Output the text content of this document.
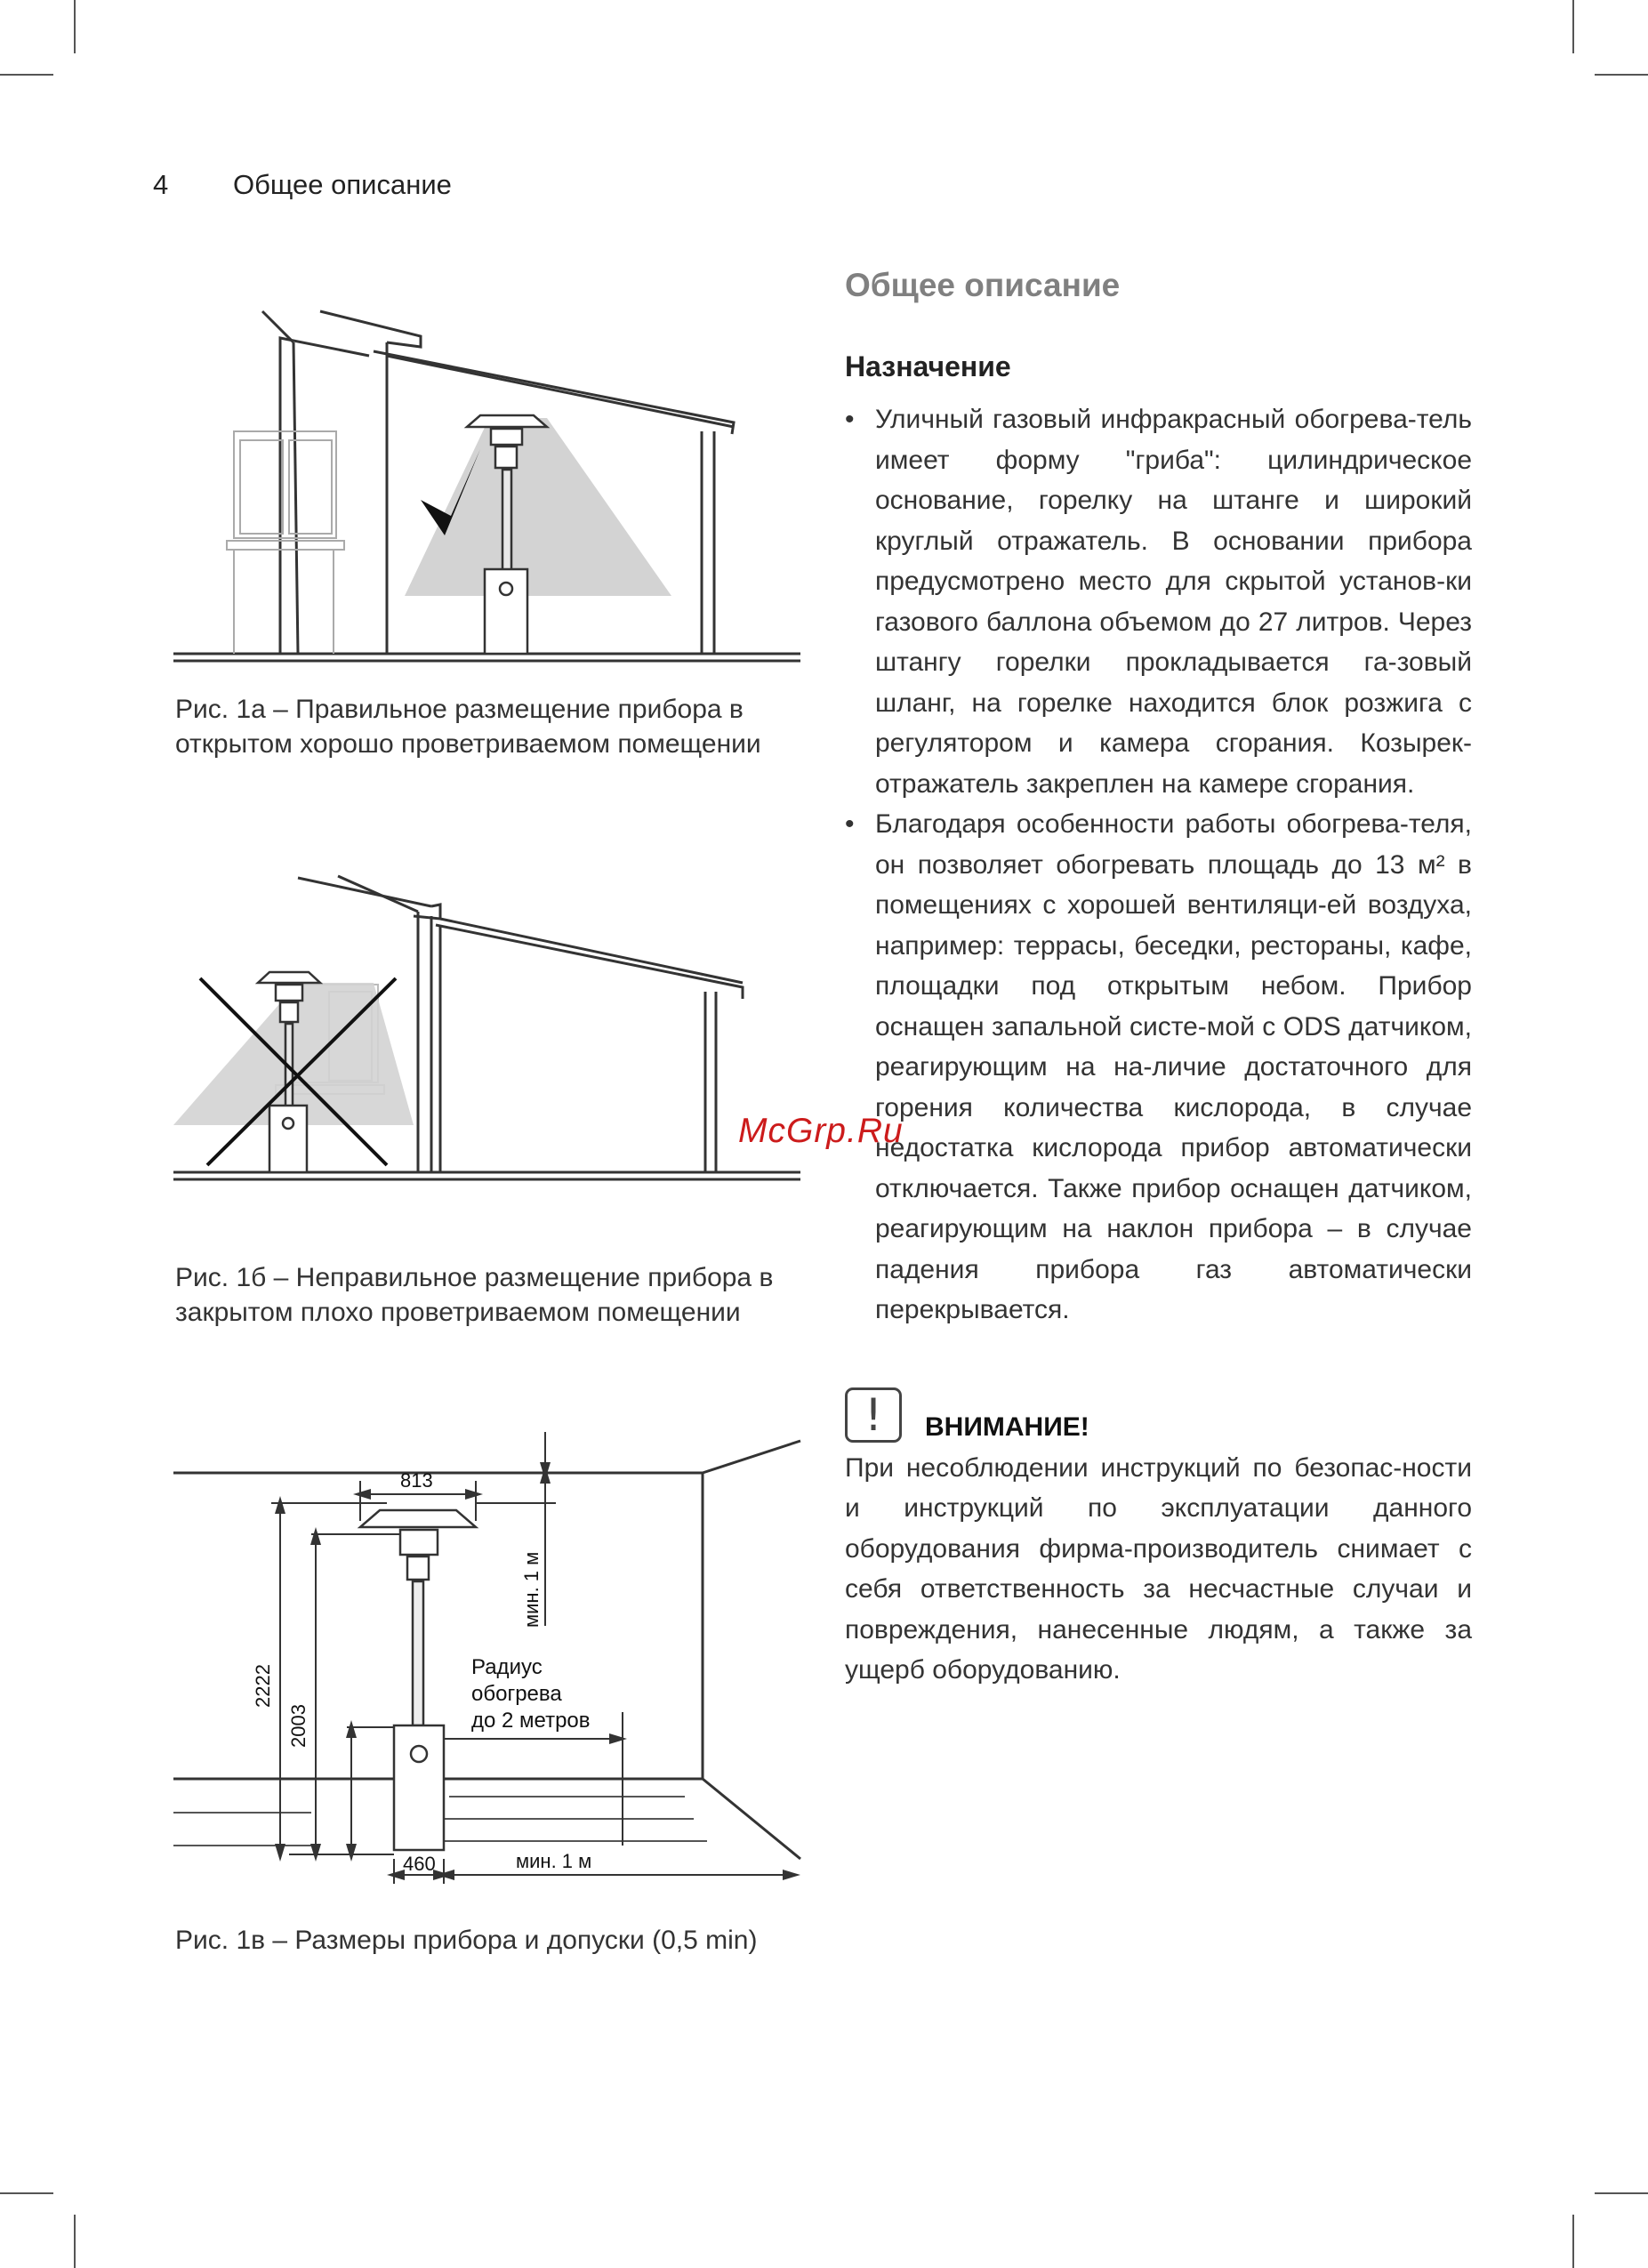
4 Общее описание
Рис. 1а – Правильное размещение прибора в открытом хорошо проветриваемом помещении
Рис. 1б – Неправильное размещение прибора в закрытом плохо проветриваемом помещении
813
2222
2003
мин. 1 м
460	мин. 1 м
Радиус
обогрева
до 2 метров
Рис. 1в – Размеры прибора и допуски (0,5 min)
Общее описание
Назначение
• Уличный газовый инфракрасный обогрева-тель имеет форму "гриба": цилиндрическое основание, горелку на штанге и широкий круглый отражатель. В основании прибора предусмотрено место для скрытой установ-ки газового баллона объемом до 27 литров. Через штангу горелки прокладывается га-зовый шланг, на горелке находится блок розжига с регулятором и камера сгорания. Козырек-отражатель закреплен на камере сгорания.
• Благодаря особенности работы обогрева-теля, он позволяет обогревать площадь до 13 м² в помещениях с хорошей вентиляци-ей воздуха, например: террасы, беседки, рестораны, кафе, площадки под открытым небом. Прибор оснащен запальной систе-мой с ODS датчиком, реагирующим на на-личие достаточного для горения количества кислорода, в случае недостатка кислорода прибор автоматически отключается. Также прибор оснащен датчиком, реагирующим на наклон прибора – в случае падения прибора газ автоматически перекрывается.
!	ВНИМАНИЕ!
При несоблюдении инструкций по безопас-ности и инструкций по эксплуатации данного оборудования фирма-производитель снимает с себя ответственность за несчастные случаи и повреждения, нанесенные людям, а также за ущерб оборудованию.
McGrp.Ru
